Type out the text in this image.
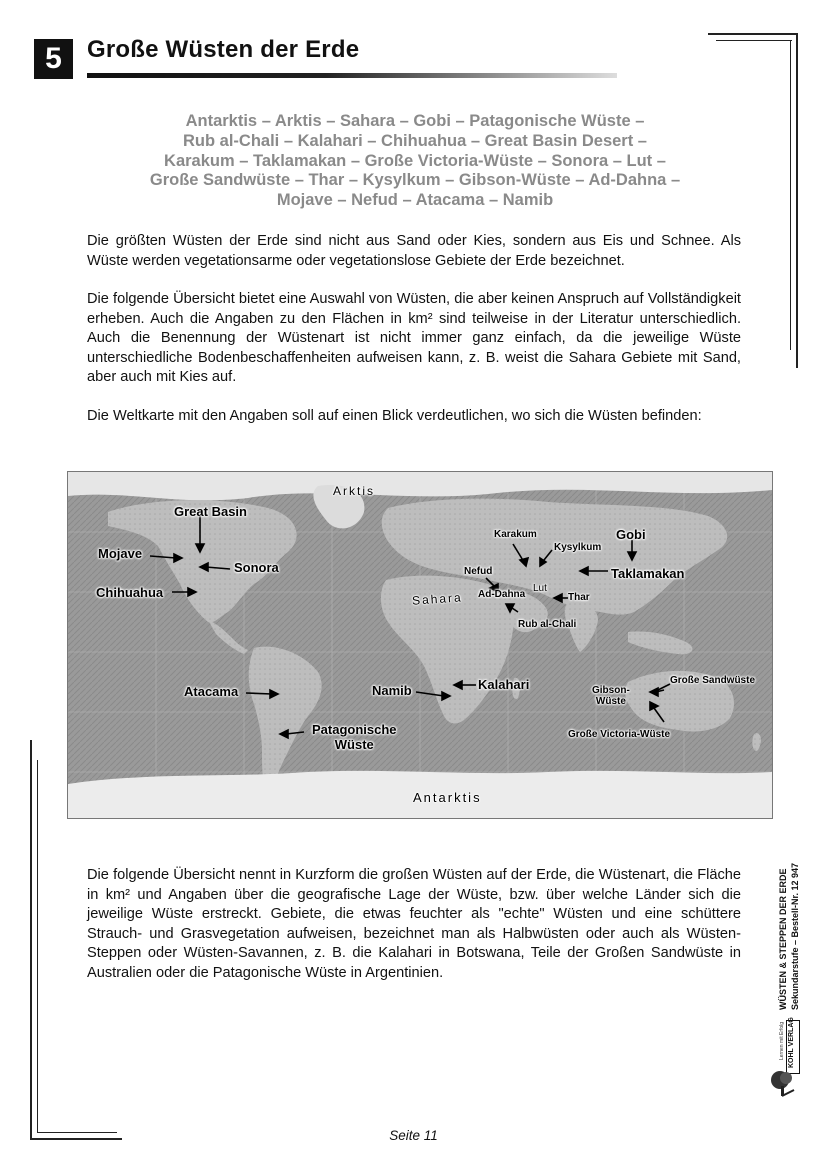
5	Große Wüsten der Erde
Antarktis – Arktis – Sahara – Gobi – Patagonische Wüste –
Rub al-Chali – Kalahari – Chihuahua – Great Basin Desert –
Karakum – Taklamakan – Große Victoria-Wüste – Sonora – Lut –
Große Sandwüste – Thar – Kysylkum – Gibson-Wüste – Ad-Dahna –
Mojave – Nefud – Atacama – Namib
Die größten Wüsten der Erde sind nicht aus Sand oder Kies, sondern aus Eis und Schnee. Als Wüste werden vegetationsarme oder vegetationslose Gebiete der Erde bezeichnet.
Die folgende Übersicht bietet eine Auswahl von Wüsten, die aber keinen Anspruch auf Vollständigkeit erheben. Auch die Angaben zu den Flächen in km² sind teilweise in der Literatur unterschiedlich. Auch die Benennung der Wüstenart ist nicht immer ganz einfach, da die jeweilige Wüste unterschiedliche Bodenbeschaffenheiten aufweisen kann, z. B. weist die Sahara Gebiete mit Sand, aber auch mit Kies auf.
Die Weltkarte mit den Angaben soll auf einen Blick verdeutlichen, wo sich die Wüsten befinden:
Arktis
Antarktis
Sahara
Great Basin
Mojave
Sonora
Chihuahua
Atacama
Patagonische
Wüste
Namib	Kalahari
Karakum
Kysylkum
Gobi
Nefud
Ad-Dahna
Lut
Thar
Taklamakan
Rub al-Chali
Gibson-
Wüste
Große Sandwüste
Große Victoria-Wüste
Die folgende Übersicht nennt in Kurzform die großen Wüsten auf der Erde, die Wüstenart, die Fläche in km² und Angaben über die geografische Lage der Wüste, bzw. über welche Länder sich die jeweilige Wüste erstreckt. Gebiete, die etwas feuchter als "echte" Wüsten und eine schüttere Strauch- und Grasvegetation aufweisen, bezeichnet man als Halbwüsten oder auch als Wüsten-Steppen oder Wüsten-Savannen, z. B. die Kalahari in Botswana, Teile der Großen Sandwüste in Australien oder die Patagonische Wüste in Argentinien.	WÜSTEN & STEPPEN DER ERDE Sekundarstufe – Bestell-Nr. 12 947
KOHL VERLAG
Lernen mit Erfolg
Seite 11
